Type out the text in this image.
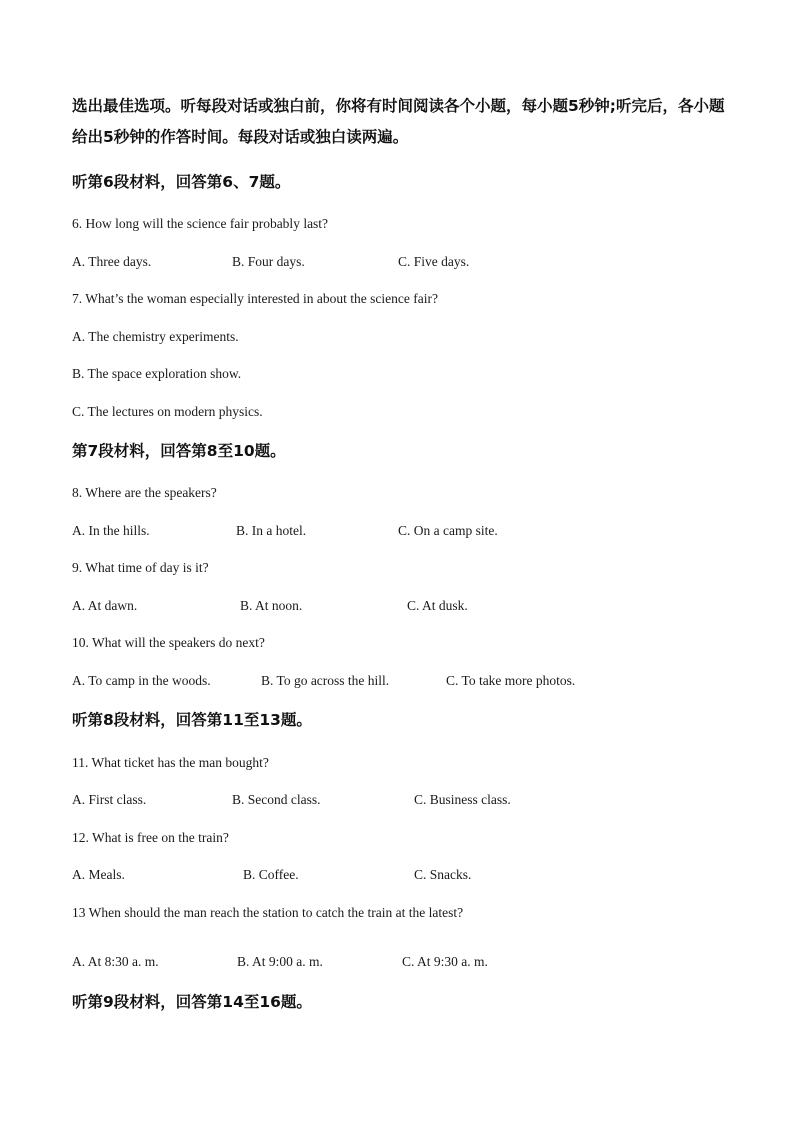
选出最佳选项。听每段对话或独白前，你将有时间阅读各个小题，每小题5秒钟;听完后，各小题给出5秒钟的作答时间。每段对话或独白读两遍。
听第6段材料，回答第6、7题。
6. How long will the science fair probably last?
A. Three days.	B. Four days.	C. Five days.
7. What’s the woman especially interested in about the science fair?
A. The chemistry experiments.
B. The space exploration show.
C. The lectures on modern physics.
第7段材料，回答第8至10题。
8. Where are the speakers?
A. In the hills.	B. In a hotel.	C. On a camp site.
9. What time of day is it?
A. At dawn.	B. At noon.	C. At dusk.
10. What will the speakers do next?
A. To camp in the woods.	B. To go across the hill.	C. To take more photos.
听第8段材料，回答第11至13题。
11. What ticket has the man bought?
A. First class.	B. Second class.	C. Business class.
12. What is free on the train?
A. Meals.	B. Coffee.	C. Snacks.
13 When should the man reach the station to catch the train at the latest?
A. At 8:30 a. m.	B. At 9:00 a. m.	C. At 9:30 a. m.
听第9段材料，回答第14至16题。
